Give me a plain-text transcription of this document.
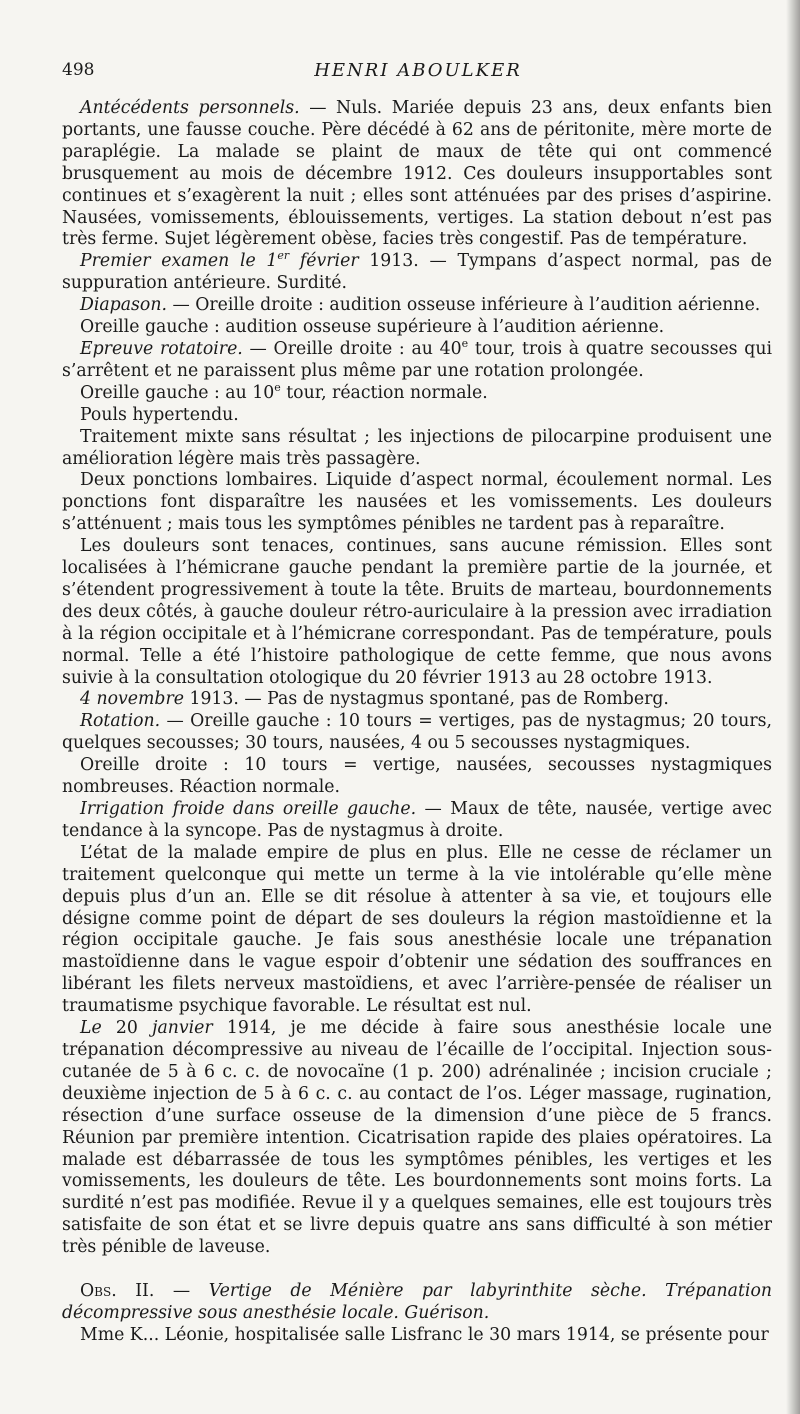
498	HENRI ABOULKER

Antécédents personnels. — Nuls. Mariée depuis 23 ans, deux enfants bien portants, une fausse couche. Père décédé à 62 ans de péritonite, mère morte de paraplégie. La malade se plaint de maux de tête qui ont commencé brusquement au mois de décembre 1912. Ces douleurs insupportables sont continues et s’exagèrent la nuit ; elles sont atténuées par des prises d’aspirine. Nausées, vomissements, éblouissements, vertiges. La station debout n’est pas très ferme. Sujet légèrement obèse, facies très congestif. Pas de température.

Premier examen le 1er février 1913. — Tympans d’aspect normal, pas de suppuration antérieure. Surdité.

Diapason. — Oreille droite : audition osseuse inférieure à l’audition aérienne.

Oreille gauche : audition osseuse supérieure à l’audition aérienne.

Epreuve rotatoire. — Oreille droite : au 40e tour, trois à quatre secousses qui s’arrêtent et ne paraissent plus même par une rotation prolongée.

Oreille gauche : au 10e tour, réaction normale.

Pouls hypertendu.

Traitement mixte sans résultat ; les injections de pilocarpine produisent une amélioration légère mais très passagère.

Deux ponctions lombaires. Liquide d’aspect normal, écoulement normal. Les ponctions font disparaître les nausées et les vomissements. Les douleurs s’atténuent ; mais tous les symptômes pénibles ne tardent pas à reparaître.

Les douleurs sont tenaces, continues, sans aucune rémission. Elles sont localisées à l’hémicrane gauche pendant la première partie de la journée, et s’étendent progressivement à toute la tête. Bruits de marteau, bourdonnements des deux côtés, à gauche douleur rétro-auriculaire à la pression avec irradiation à la région occipitale et à l’hémicrane correspondant. Pas de température, pouls normal. Telle a été l’histoire pathologique de cette femme, que nous avons suivie à la consultation otologique du 20 février 1913 au 28 octobre 1913.

4 novembre 1913. — Pas de nystagmus spontané, pas de Romberg.

Rotation. — Oreille gauche : 10 tours = vertiges, pas de nystagmus; 20 tours, quelques secousses; 30 tours, nausées, 4 ou 5 secousses nystagmiques.

Oreille droite : 10 tours = vertige, nausées, secousses nystagmiques nombreuses. Réaction normale.

Irrigation froide dans oreille gauche. — Maux de tête, nausée, vertige avec tendance à la syncope. Pas de nystagmus à droite.

L’état de la malade empire de plus en plus. Elle ne cesse de réclamer un traitement quelconque qui mette un terme à la vie intolérable qu’elle mène depuis plus d’un an. Elle se dit résolue à attenter à sa vie, et toujours elle désigne comme point de départ de ses douleurs la région mastoïdienne et la région occipitale gauche. Je fais sous anesthésie locale une trépanation mastoïdienne dans le vague espoir d’obtenir une sédation des souffrances en libérant les filets nerveux mastoïdiens, et avec l’arrière-pensée de réaliser un traumatisme psychique favorable. Le résultat est nul.

Le 20 janvier 1914, je me décide à faire sous anesthésie locale une trépanation décompressive au niveau de l’écaille de l’occipital. Injection sous-cutanée de 5 à 6 c. c. de novocaïne (1 p. 200) adrénalinée ; incision cruciale ; deuxième injection de 5 à 6 c. c. au contact de l’os. Léger massage, rugination, résection d’une surface osseuse de la dimension d’une pièce de 5 francs. Réunion par première intention. Cicatrisation rapide des plaies opératoires. La malade est débarrassée de tous les symptômes pénibles, les vertiges et les vomissements, les douleurs de tête. Les bourdonnements sont moins forts. La surdité n’est pas modifiée. Revue il y a quelques semaines, elle est toujours très satisfaite de son état et se livre depuis quatre ans sans difficulté à son métier très pénible de laveuse.

Obs. II. — Vertige de Ménière par labyrinthite sèche. Trépanation décompressive sous anesthésie locale. Guérison.

Mme K... Léonie, hospitalisée salle Lisfranc le 30 mars 1914, se présente pour
